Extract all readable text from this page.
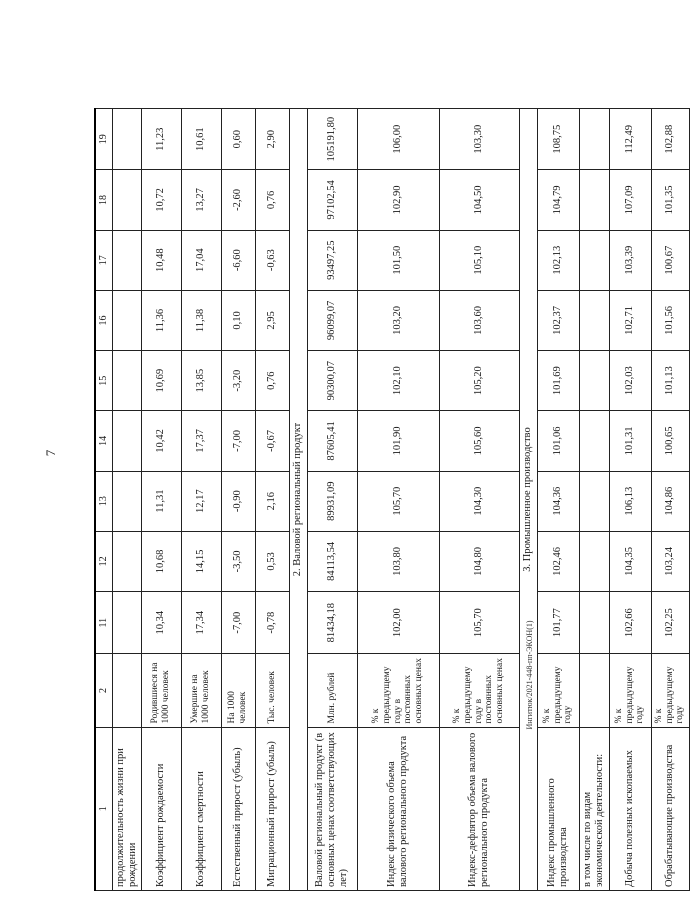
7
1	2	11	12	13	14	15	16	17	18	19
продолжительность жизни при рождении										
Коэффициент рождаемости	Родившиеся на 1000 человек	10,34	10,68	11,31	10,42	10,69	11,36	10,48	10,72	11,23
Коэффициент смертности	Умершие на 1000 человек	17,34	14,15	12,17	17,37	13,85	11,38	17,04	13,27	10,61
Естественный прирост (убыль)	На 1000 человек	-7,00	-3,50	-0,90	-7,00	-3,20	0,10	-6,60	-2,60	0,60
Миграционный прирост (убыль)	Тыс. человек	-0,78	0,53	2,16	-0,67	0,76	2,95	-0,63	0,76	2,90
2. Валовой региональный продукт										
Валовой региональный продукт (в основных ценах соответствующих лет)	Млн. рублей	81434,18	84113,54	89931,09	87605,41	90300,07	96099,07	93497,25	97102,54	105191,80
Индекс физического объема валового регионального продукта	% к предыдущему году в постоянных основных ценах	102,00	103,80	105,70	101,90	102,10	103,20	101,50	102,90	106,00
Индекс-дефлятор объема валового регионального продукта	% к предыдущему году в постоянных основных ценах	105,70	104,80	104,30	105,60	105,20	103,60	105,10	104,50	103,30
3. Промышленное производство										
Индекс промышленного производства	% к предыдущему году	101,77	102,46	104,36	101,06	101,69	102,37	102,13	104,79	108,75
в том числе по видам экономической деятельности:										
Добыча полезных ископаемых	% к предыдущему году	102,66	104,35	106,13	101,31	102,03	102,71	103,39	107,09	112,49
Обрабатывающие производства	% к предыдущему году	102,25	103,24	104,86	100,65	101,13	101,56	100,67	101,35	102,88
Ингитюк/2021-448-пп-ЭКОН(1)
